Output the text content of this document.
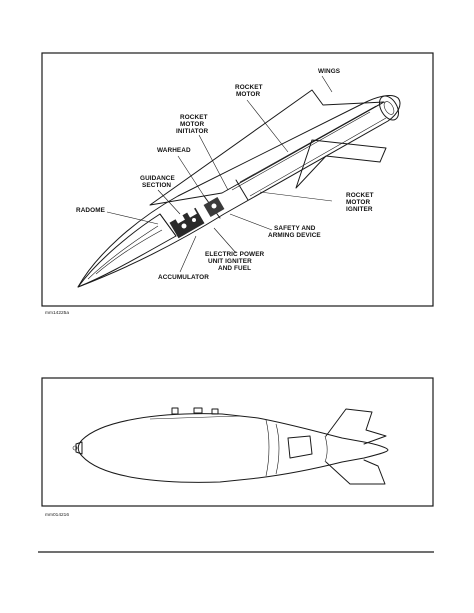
WINGS
ROCKET
MOTOR
ROCKET
MOTOR
INITIATOR
WARHEAD
GUIDANCE
SECTION
RADOME
ROCKET
MOTOR
IGNITER
SAFETY AND
ARMING DEVICE
ELECTRIC POWER
UNIT IGNITER
AND FUEL
ACCUMULATOR
mm14225a
mm014216
